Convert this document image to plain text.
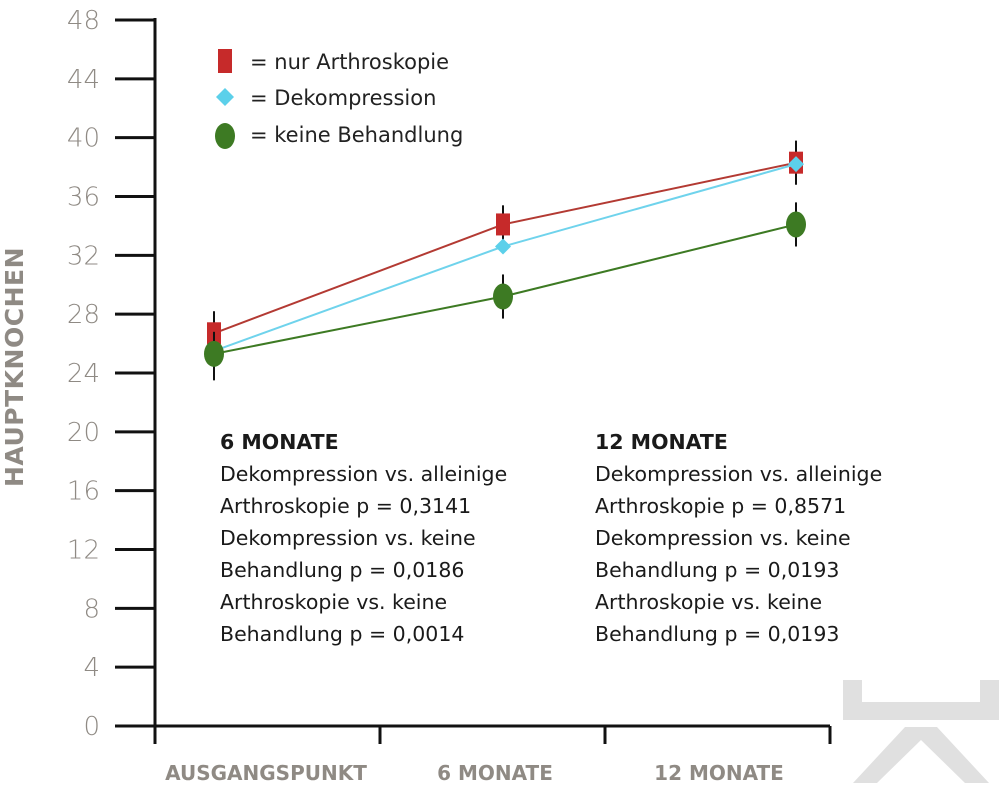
0
4
8
12
16
20
24
28
32
36
40
44
48
AUSGANGSPUNKT	6 MONATE	12 MONATE
= nur Arthroskopie
= Dekompression
= keine Behandlung
HAUPTKNOCHEN	6 MONATE
Dekompression vs. alleinige
Arthroskopie p = 0,3141
Dekompression vs. keine
Behandlung p = 0,0186
Arthroskopie vs. keine
Behandlung p = 0,0014
12 MONATE
Dekompression vs. alleinige
Arthroskopie p = 0,8571
Dekompression vs. keine
Behandlung p = 0,0193
Arthroskopie vs. keine
Behandlung p = 0,0193
